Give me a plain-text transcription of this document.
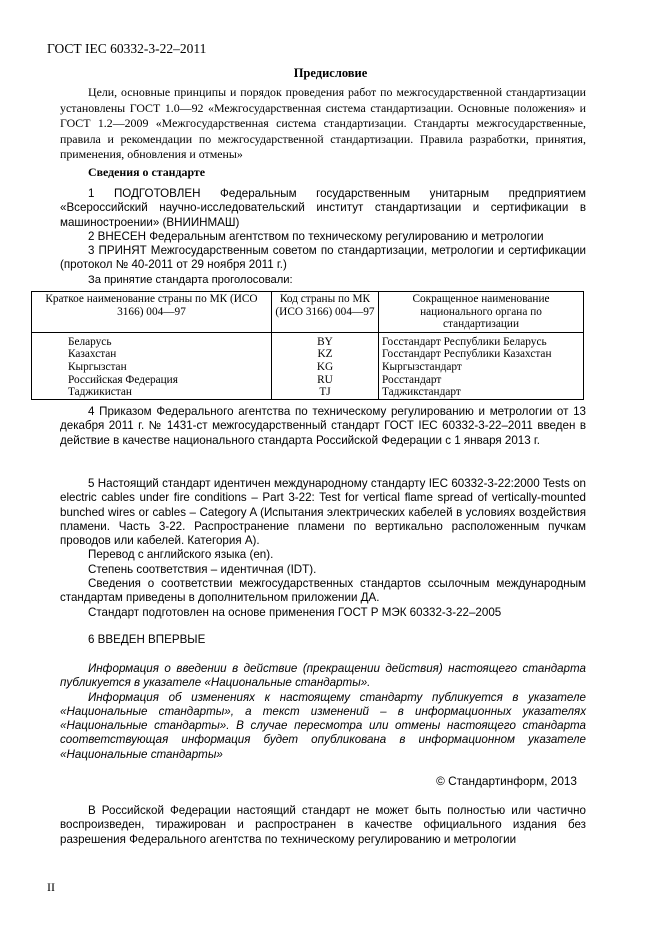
ГОСТ IEC 60332-3-22–2011
Предисловие

Цели, основные принципы и порядок проведения работ по межгосударственной стандартизации установлены ГОСТ 1.0—92 «Межгосударственная система стандартизации. Основные положения» и ГОСТ 1.2—2009 «Межгосударственная система стандартизации. Стандарты межгосударственные, правила и рекомендации по межгосударственной стандартизации. Правила разработки, принятия, применения, обновления и отмены»

Сведения о стандарте

1 ПОДГОТОВЛЕН Федеральным государственным унитарным предприятием «Всероссийский научно-исследовательский институт стандартизации и сертификации в машиностроении» (ВНИИНМАШ)

2 ВНЕСЕН Федеральным агентством по техническому регулированию и метрологии

3 ПРИНЯТ Межгосударственным советом по стандартизации, метрологии и сертификации (протокол № 40-2011 от 29 ноября 2011 г.)

За принятие стандарта проголосовали:

Краткое наименование страны по МК (ИСО 3166) 004—97	Код страны по МК (ИСО 3166) 004—97	Сокращенное наименование национального органа по стандартизации
Беларусь	BY	Госстандарт Республики Беларусь
Казахстан	KZ	Госстандарт Республики Казахстан
Кыргызстан	KG	Кыргызстандарт
Российская Федерация	RU	Росстандарт
Таджикистан	TJ	Таджикстандарт

4 Приказом Федерального агентства по техническому регулированию и метрологии от 13 декабря 2011 г. № 1431-ст межгосударственный стандарт ГОСТ IEC 60332-3-22–2011 введен в действие в качестве национального стандарта Российской Федерации с 1 января 2013 г.

5 Настоящий стандарт идентичен международному стандарту IEC 60332-3-22:2000 Tests on electric cables under fire conditions – Part 3-22: Test for vertical flame spread of vertically-mounted bunched wires or cables – Category A (Испытания электрических кабелей в условиях воздействия пламени. Часть 3-22. Распространение пламени по вертикально расположенным пучкам проводов или кабелей. Категория А).

Перевод с английского языка (en).

Степень соответствия – идентичная (IDT).

Сведения о соответствии межгосударственных стандартов ссылочным международным стандартам приведены в дополнительном приложении ДА.

Стандарт подготовлен на основе применения ГОСТ Р МЭК 60332-3-22–2005

6 ВВЕДЕН ВПЕРВЫЕ

Информация о введении в действие (прекращении действия) настоящего стандарта публикуется в указателе «Национальные стандарты».

Информация об изменениях к настоящему стандарту публикуется в указателе «Национальные стандарты», а текст изменений – в информационных указателях «Национальные стандарты». В случае пересмотра или отмены настоящего стандарта соответствующая информация будет опубликована в информационном указателе «Национальные стандарты»

© Стандартинформ, 2013

В Российской Федерации настоящий стандарт не может быть полностью или частично воспроизведен, тиражирован и распространен в качестве официального издания без разрешения Федерального агентства по техническому регулированию и метрологии

II
